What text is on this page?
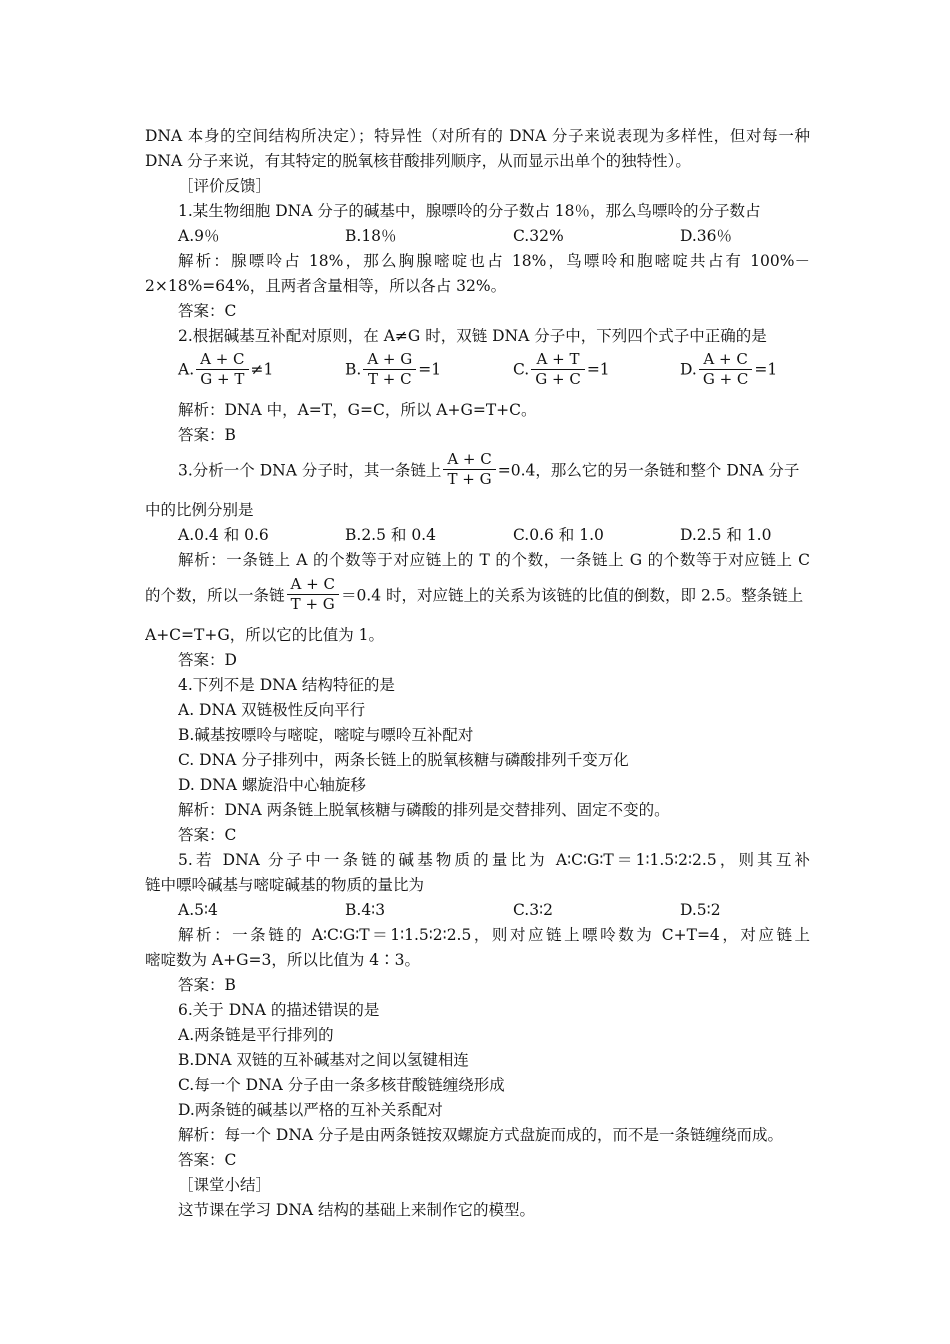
DNA 本身的空间结构所决定）；特异性（对所有的 DNA 分子来说表现为多样性，但对每一种
DNA 分子来说，有其特定的脱氧核苷酸排列顺序，从而显示出单个的独特性）。
［评价反馈］
1.某生物细胞 DNA 分子的碱基中，腺嘌呤的分子数占 18％，那么鸟嘌呤的分子数占
A.9％	B.18％	C.32%	D.36％
解析：腺嘌呤占 18%，那么胸腺嘧啶也占 18%，鸟嘌呤和胞嘧啶共占有 100%－
2×18%=64%，且两者含量相等，所以各占 32%。
答案：C
2.根据碱基互补配对原则，在 A≠G 时，双链 DNA 分子中，下列四个式子中正确的是
A. $\frac{A + C}{G + T} \ne 1$	B. $\frac{A + G}{T + C} =1$	C. $\frac{A + T}{G + C} =1$	D. $\frac{A + C}{G + C} =1$
解析：DNA 中，A=T，G=C，所以 A+G=T+C。
答案：B
3.分析一个 DNA 分子时，其一条链上 $\frac{A + C}{T + G} =0.4$，那么它的另一条链和整个 DNA 分子
中的比例分别是
A.0.4 和 0.6	B.2.5 和 0.4	C.0.6 和 1.0	D.2.5 和 1.0
解析：一条链上 A 的个数等于对应链上的 T 的个数，一条链上 G 的个数等于对应链上 C
的个数，所以一条链 $\frac{A + C}{T + G} =0.4$ 时，对应链上的关系为该链的比值的倒数，即 2.5。整条链上
A+C=T+G，所以它的比值为 1。
答案：D
4.下列不是 DNA 结构特征的是
A. DNA 双链极性反向平行
B.碱基按嘌呤与嘧啶，嘧啶与嘌呤互补配对
C. DNA 分子排列中，两条长链上的脱氧核糖与磷酸排列千变万化
D. DNA 螺旋沿中心轴旋移
解析：DNA 两条链上脱氧核糖与磷酸的排列是交替排列、固定不变的。
答案：C
5.若 DNA 分子中一条链的碱基物质的量比为 A∶C∶G∶T＝1∶1.5∶2∶2.5，则其互补
链中嘌呤碱基与嘧啶碱基的物质的量比为
A.5∶4	B.4∶3	C.3∶2	D.5∶2
解析：一条链的 A∶C∶G∶T＝1∶1.5∶2∶2.5，则对应链上嘌呤数为 C+T=4，对应链上
嘧啶数为 A+G=3，所以比值为 4∶3。
答案：B
6.关于 DNA 的描述错误的是
A.两条链是平行排列的
B.DNA 双链的互补碱基对之间以氢键相连
C.每一个 DNA 分子由一条多核苷酸链缠绕形成
D.两条链的碱基以严格的互补关系配对
解析：每一个 DNA 分子是由两条链按双螺旋方式盘旋而成的，而不是一条链缠绕而成。
答案：C
［课堂小结］
这节课在学习 DNA 结构的基础上来制作它的模型。
